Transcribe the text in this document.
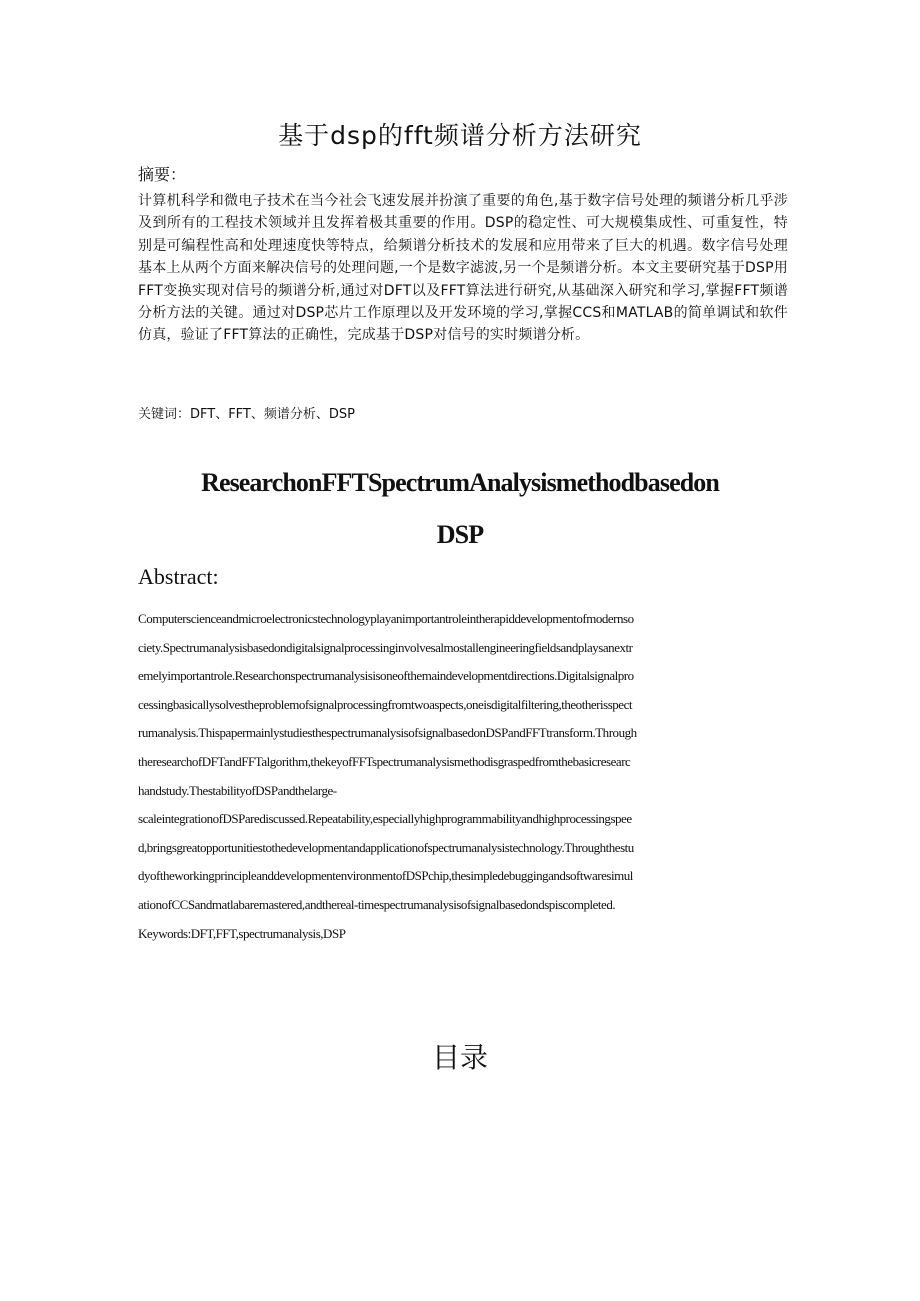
基于dsp的fft频谱分析方法研究
摘要：
计算机科学和微电子技术在当今社会飞速发展并扮演了重要的角色,基于数字信号处理的频谱分析几乎涉及到所有的工程技术领域并且发挥着极其重要的作用。DSP的稳定性、可大规模集成性、可重复性，特别是可编程性高和处理速度快等特点，给频谱分析技术的发展和应用带来了巨大的机遇。数字信号处理基本上从两个方面来解决信号的处理问题,一个是数字滤波,另一个是频谱分析。本文主要研究基于DSP用FFT变换实现对信号的频谱分析,通过对DFT以及FFT算法进行研究,从基础深入研究和学习,掌握FFT频谱分析方法的关键。通过对DSP芯片工作原理以及开发环境的学习,掌握CCS和MATLAB的简单调试和软件仿真，验证了FFT算法的正确性，完成基于DSP对信号的实时频谱分析。
关键词：DFT、FFT、频谱分析、DSP
ResearchonFFTSpectrumAnalysismethodbasedon
DSP
Abstract:
Computerscienceandmicroelectronicstechnologyplayanimportantroleintherapiddevelopmentofmodernso
ciety.Spectrumanalysisbasedondigitalsignalprocessinginvolvesalmostallengineeringfieldsandplaysanextr
emelyimportantrole.Researchonspectrumanalysisisoneofthemaindevelopmentdirections.Digitalsignalpro
cessingbasicallysolvestheproblemofsignalprocessingfromtwoaspects,oneisdigitalfiltering,theotherisspect
rumanalysis.ThispapermainlystudiesthespectrumanalysisofsignalbasedonDSPandFFTtransform.Through
theresearchofDFTandFFTalgorithm,thekeyofFFTspectrumanalysismethodisgraspedfromthebasicresearc
handstudy.ThestabilityofDSPandthelarge-
scaleintegrationofDSParediscussed.Repeatability,especiallyhighprogrammabilityandhighprocessingspee
d,bringsgreatopportunitiestothedevelopmentandapplicationofspectrumanalysistechnology.Throughthestu
dyoftheworkingprincipleanddevelopmentenvironmentofDSPchip,thesimpledebuggingandsoftwaresimul
ationofCCSandmatlabaremastered,andthereal-timespectrumanalysisofsignalbasedondspiscompleted.
Keywords:DFT,FFT,spectrumanalysis,DSP
目录
